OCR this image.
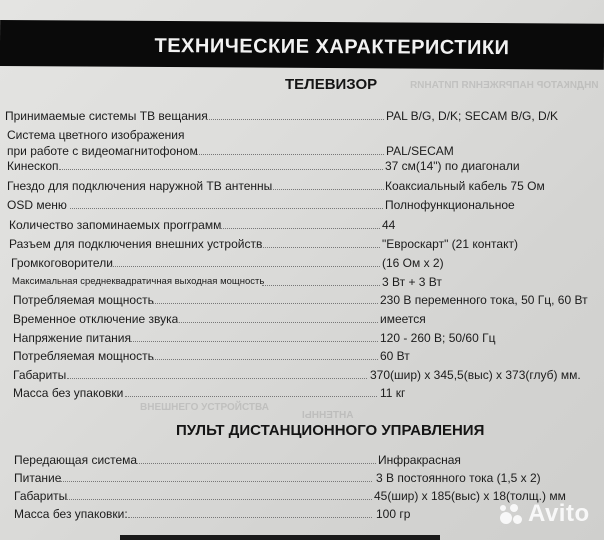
ТЕХНИЧЕСКИЕ ХАРАКТЕРИСТИКИ
ИНДИКАТОР НАПРЯЖЕНИЯ ПИТАНИЯ
ТЕЛЕВИЗОР
Принимаемые системы ТВ вещания	PAL B/G, D/K; SECAM B/G, D/K
Система цветного изображения
при работе с видеомагнитофоном	PAL/SECAM
Кинескоп	37 см(14") по диагонали
Гнездо для подключения наружной ТВ антенны	Коаксиальный кабель 75 Ом
OSD меню	Полнофункциональное
Количество запоминаемых проrграмм	44
Разъем для подключения внешних устройств	"Евроскарт" (21 контакт)
Громкоговорители	(16 Ом x 2)
Максимальная среднеквадратичная выходная мощность	3 Вт + 3 Вт
Потребляемая мощность	230 В переменного тока, 50 Гц, 60 Вт
Временное отключение звука	имеется
Напряжение питания	120 - 260 В; 50/60 Гц
Потребляемая мощность	60 Вт
Габариты	370(шир) x 345,5(выс) x 373(глуб) мм.
Масса без упаковки	11 кг
ВНЕШНЕГО УСТРОЙСТВА
АНТЕННЫ
ПУЛЬТ ДИСТАНЦИОННОГО УПРАВЛЕНИЯ
Передающая система	Инфракрасная
Питание	3 В постоянного тока (1,5 x 2)
Габариты	45(шир) x 185(выс) x 18(толщ.) мм
Масса без упаковки:	100 гр	Avito
